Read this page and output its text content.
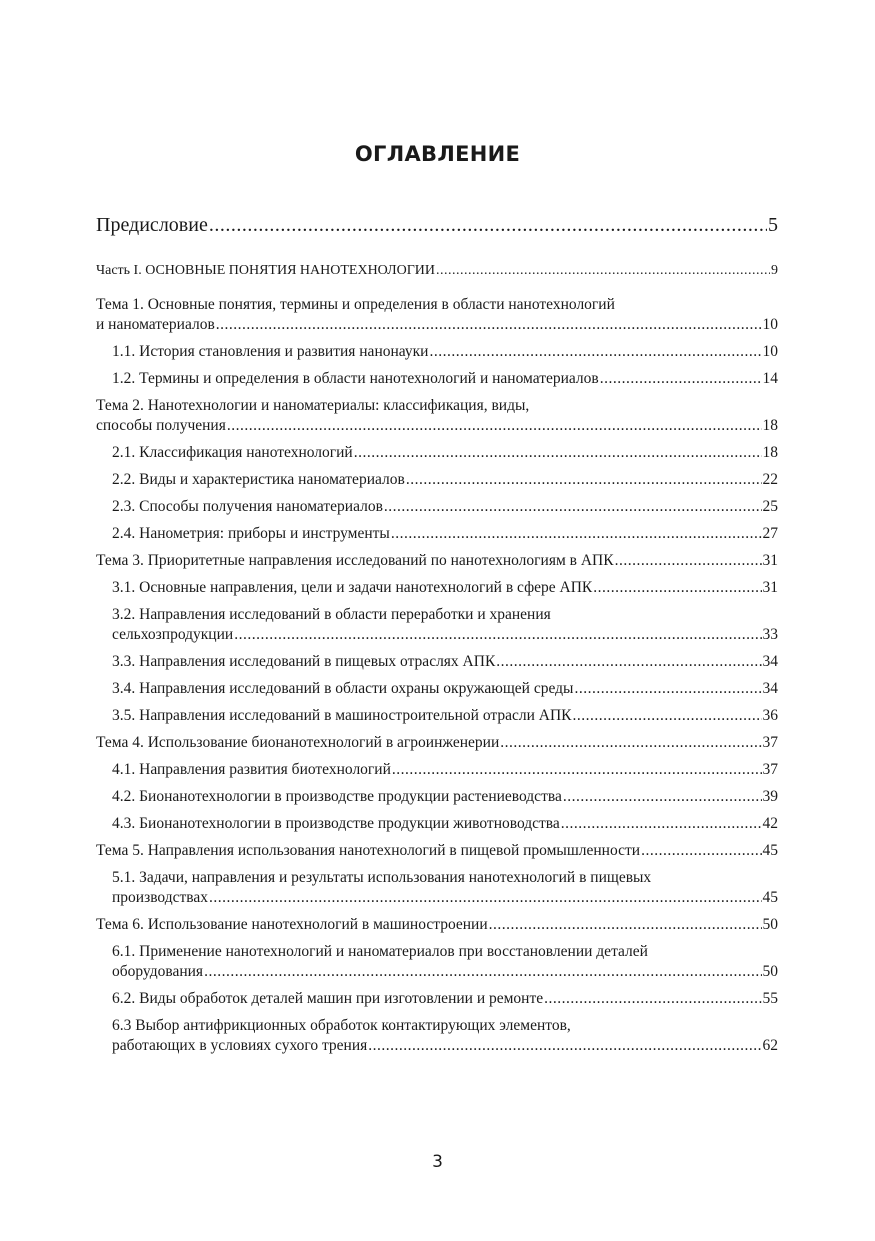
ОГЛАВЛЕНИЕ
Предисловие .....	5
Часть I. ОСНОВНЫЕ ПОНЯТИЯ НАНОТЕХНОЛОГИИ .....	9
Тема 1. Основные понятия, термины и определения в области нанотехнологий
и наноматериалов .....	10
1.1. История становления и развития нанонауки .....	10
1.2. Термины и определения в области нанотехнологий и наноматериалов .....	14
Тема 2. Нанотехнологии и наноматериалы: классификация, виды,
способы получения .....	18
2.1. Классификация нанотехнологий .....	18
2.2. Виды и характеристика наноматериалов .....	22
2.3. Способы получения наноматериалов .....	25
2.4. Нанометрия: приборы и инструменты .....	27
Тема 3. Приоритетные направления исследований по нанотехнологиям в АПК .....	31
3.1. Основные направления, цели и задачи нанотехнологий в сфере АПК .....	31
3.2. Направления исследований в области переработки и хранения
сельхозпродукции .....	33
3.3. Направления исследований в пищевых отраслях АПК .....	34
3.4. Направления исследований в области охраны окружающей среды .....	34
3.5. Направления исследований в машиностроительной отрасли АПК .....	36
Тема 4. Использование бионанотехнологий в агроинженерии .....	37
4.1. Направления развития биотехнологий .....	37
4.2. Бионанотехнологии в производстве продукции растениеводства .....	39
4.3. Бионанотехнологии в производстве продукции животноводства .....	42
Тема 5. Направления использования нанотехнологий в пищевой промышленности .....	45
5.1. Задачи, направления и результаты использования нанотехнологий в пищевых
производствах .....	45
Тема 6. Использование нанотехнологий в машиностроении .....	50
6.1. Применение нанотехнологий и наноматериалов при восстановлении деталей
оборудования .....	50
6.2. Виды обработок деталей машин при изготовлении и ремонте .....	55
6.3 Выбор антифрикционных обработок контактирующих элементов,
работающих в условиях сухого трения .....	62
3
